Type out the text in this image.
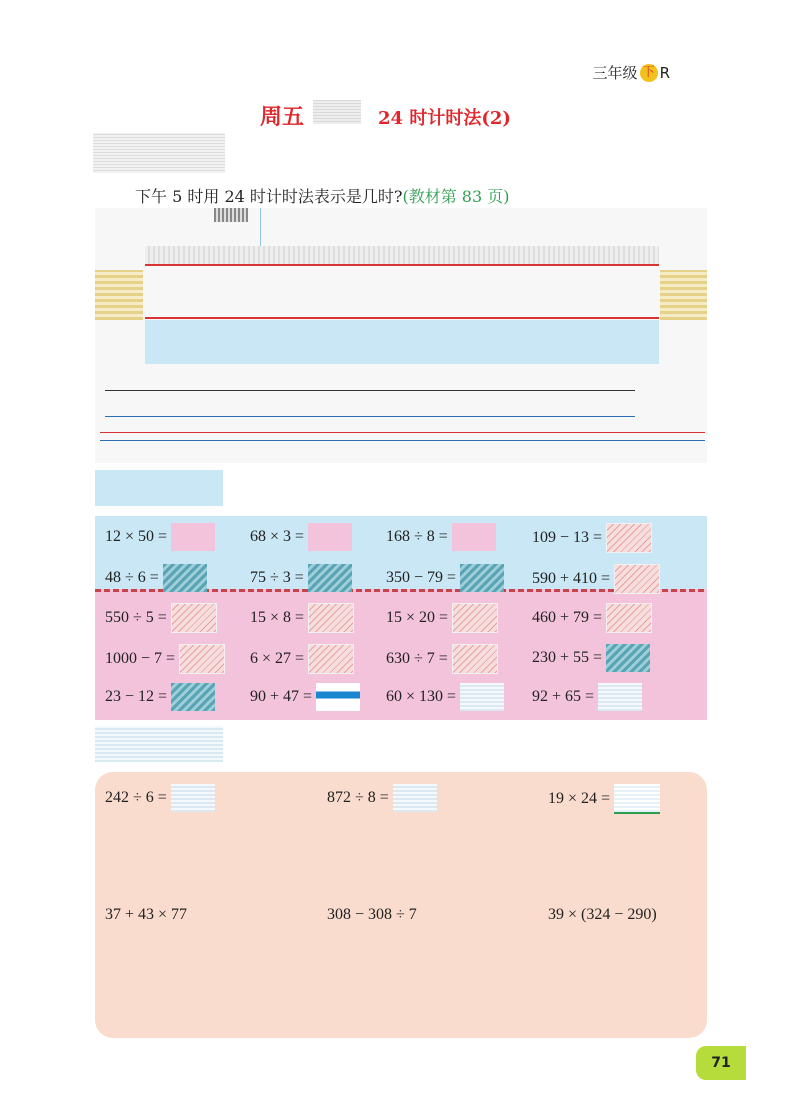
三年级 下 R
周五	24 时计时法(2)
下午 5 时用 24 时计时法表示是几时?(教材第 83 页)
12 × 50 =	68 × 3 =	168 ÷ 8 =	109 − 13 =
48 ÷ 6 =	75 ÷ 3 =	350 − 79 =	590 + 410 =
550 ÷ 5 =	15 × 8 =	15 × 20 =	460 + 79 =
1000 − 7 =	6 × 27 =	630 ÷ 7 =	230 + 55 =
23 − 12 =	90 + 47 =	60 × 130 =	92 + 65 =
242 ÷ 6 =	872 ÷ 8 =	19 × 24 =
37 + 43 × 77	308 − 308 ÷ 7	39 × (324 − 290)
71
